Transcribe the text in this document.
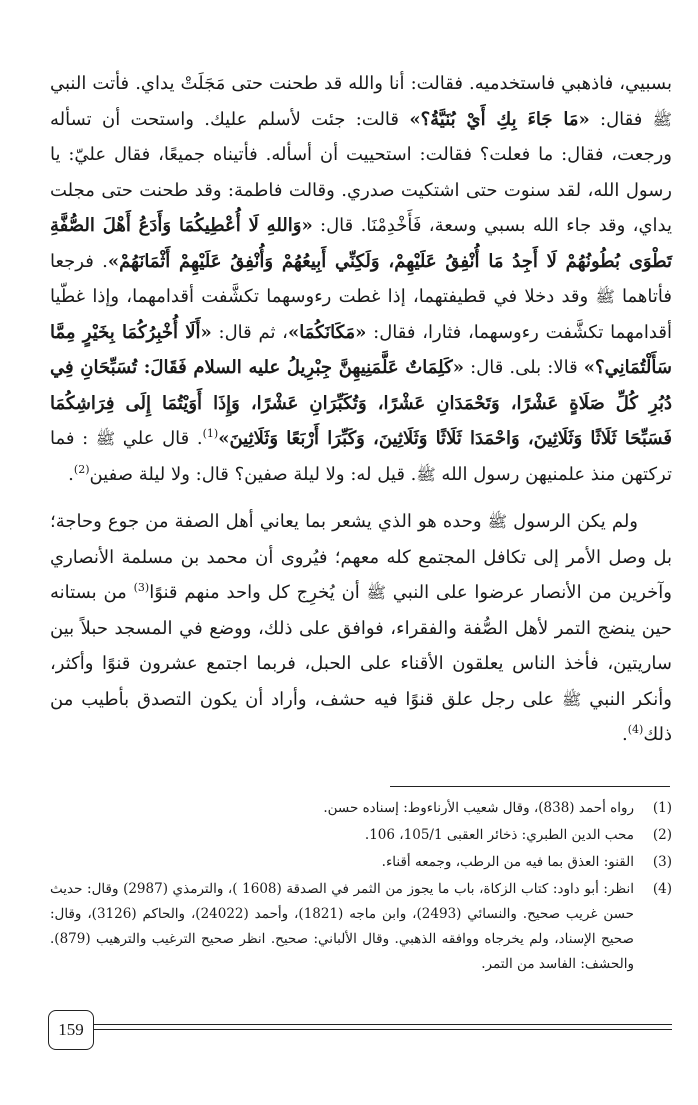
بسبيي، فاذهبي فاستخدميه. فقالت: أنا والله قد طحنت حتى مَجَلَتْ يداي. فأتت النبي ﷺ فقال: «مَا جَاءَ بِكِ أَيْ بُنَيَّةُ؟» قالت: جئت لأسلم عليك. واستحت أن تسأله ورجعت، فقال: ما فعلت؟ فقالت: استحييت أن أسأله. فأتيناه جميعًا، فقال عليّ: يا رسول الله، لقد سنوت حتى اشتكيت صدري. وقالت فاطمة: وقد طحنت حتى مجلت يداي، وقد جاء الله بسبي وسعة، فَأَخْدِمْنَا. قال: «وَاللهِ لَا أُعْطِيكُمَا وَأَدَعُ أَهْلَ الصُّفَّةِ تَطْوَى بُطُونُهُمْ لَا أَجِدُ مَا أُنْفِقُ عَلَيْهِمْ، وَلَكِنِّي أَبِيعُهُمْ وَأُنْفِقُ عَلَيْهِمْ أَثْمَانَهُمْ». فرجعا فأتاهما ﷺ وقد دخلا في قطيفتهما، إذا غطت رءوسهما تكشَّفت أقدامهما، وإذا غطّيا أقدامهما تكشَّفت رءوسهما، فثارا، فقال: «مَكَانَكُمَا»، ثم قال: «أَلَا أُخْبِرُكُمَا بِخَيْرٍ مِمَّا سَأَلْتُمَانِي؟» قالا: بلى. قال: «كَلِمَاتٌ عَلَّمَنِيهِنَّ جِبْرِيلُ عليه السلام فَقَالَ: تُسَبِّحَانِ فِي دُبُرِ كُلِّ صَلَاةٍ عَشْرًا، وَتَحْمَدَانِ عَشْرًا، وَتُكَبِّرَانِ عَشْرًا، وَإِذَا أَوَيْتُمَا إِلَى فِرَاشِكُمَا فَسَبِّحَا ثَلَاثًا وَثَلَاثِينَ، وَاحْمَدَا ثَلَاثًا وَثَلَاثِينَ، وَكَبِّرَا أَرْبَعًا وَثَلَاثِينَ»$^{(1)}$. قال علي ﷺ : فما تركتهن منذ علمنيهن رسول الله ﷺ. قيل له: ولا ليلة صفين؟ قال: ولا ليلة صفين$^{(2)}$.

ولم يكن الرسول ﷺ وحده هو الذي يشعر بما يعاني أهل الصفة من جوع وحاجة؛ بل وصل الأمر إلى تكافل المجتمع كله معهم؛ فيُروى أن محمد بن مسلمة الأنصاري وآخرين من الأنصار عرضوا على النبي ﷺ أن يُخرِج كل واحد منهم قنوًا$^{(3)}$ من بستانه حين ينضج التمر لأهل الصُّفة والفقراء، فوافق على ذلك، ووضع في المسجد حبلاً بين ساريتين، فأخذ الناس يعلقون الأقناء على الحبل، فربما اجتمع عشرون قنوًا وأكثر، وأنكر النبي ﷺ على رجل علق قنوًا فيه حشف، وأراد أن يكون التصدق بأطيب من ذلك$^{(4)}$.

(1)
رواه أحمد (838)، وقال شعيب الأرناءوط: إسناده حسن.
(2)
محب الدين الطبري: ذخائر العقبى 105/1، 106.
(3)
القنو: العذق بما فيه من الرطب، وجمعه أقناء.
(4)
انظر: أبو داود: كتاب الزكاة، باب ما يجوز من الثمر في الصدقة (1608 )، والترمذي (2987) وقال: حديث حسن غريب صحيح. والنسائي (2493)، وابن ماجه (1821)، وأحمد (24022)، والحاكم (3126)، وقال: صحيح الإسناد، ولم يخرجاه ووافقه الذهبي. وقال الألباني: صحيح. انظر صحيح الترغيب والترهيب (879). والحشف: الفاسد من التمر.
159
